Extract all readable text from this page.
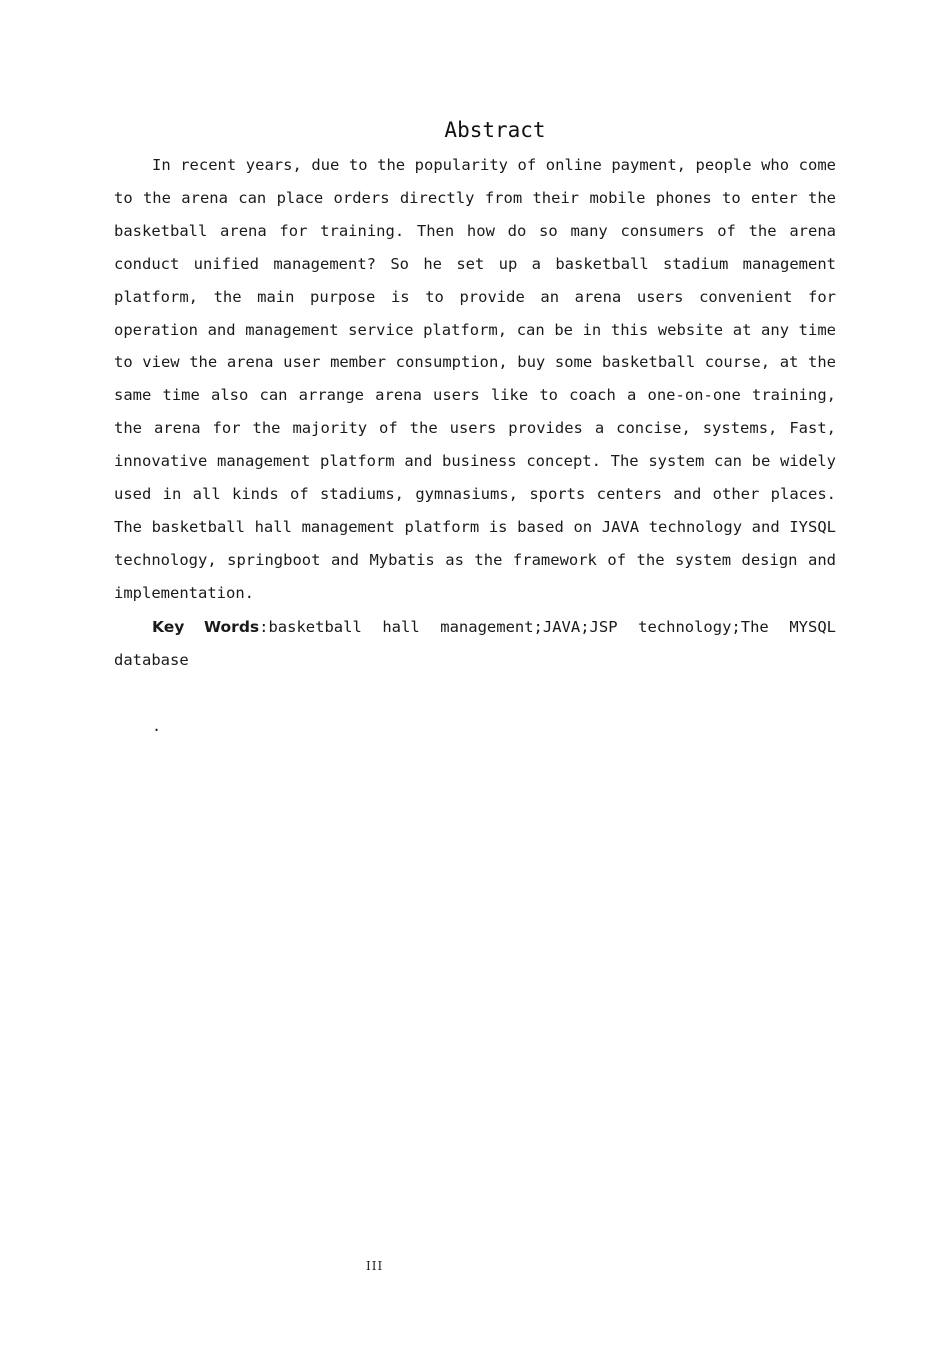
Abstract

In recent years, due to the popularity of online payment, people who come to the arena can place orders directly from their mobile phones to enter the basketball arena for training. Then how do so many consumers of the arena conduct unified management? So he set up a basketball stadium management platform, the main purpose is to provide an arena users convenient for operation and management service platform, can be in this website at any time to view the arena user member consumption, buy some basketball course, at the same time also can arrange arena users like to coach a one-on-one training, the arena for the majority of the users provides a concise, systems, Fast, innovative management platform and business concept. The system can be widely used in all kinds of stadiums, gymnasiums, sports centers and other places. The basketball hall management platform is based on JAVA technology and IYSQL technology, springboot and Mybatis as the framework of the system design and implementation.

Key Words:basketball hall management;JAVA;JSP technology;The MYSQL database

.
III
